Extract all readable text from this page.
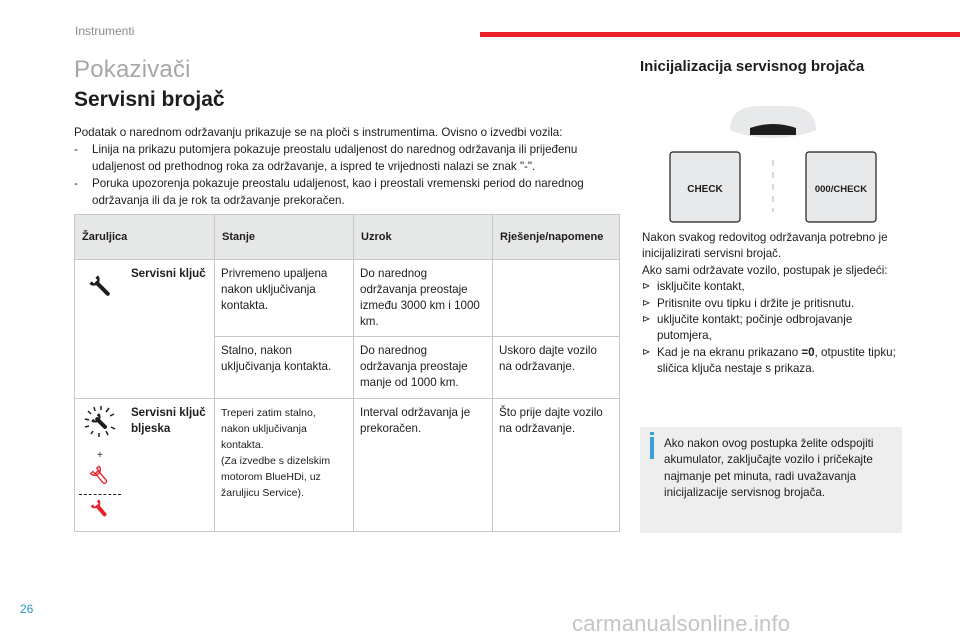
Instrumenti
Pokazivači
Servisni brojač

Podatak o narednom održavanju prikazuje se na ploči s instrumentima. Ovisno o izvedbi vozila:

- Linija na prikazu putomjera pokazuje preostalu udaljenost do narednog održavanja ili prijeđenu udaljenost od prethodnog roka za održavanje, a ispred te vrijednosti nalazi se znak "-".

- Poruka upozorenja pokazuje preostalu udaljenost, kao i preostali vremenski period do narednog održavanja ili da je rok ta održavanje prekoračen.

Žaruljica		Stanje	Uzrok	Rješenje/napomene
	Servisni ključ	Privremeno upaljena nakon uključivanja kontakta.	Do narednog održavanja preostaje između 3000 km i 1000 km.	
		Stalno, nakon uključivanja kontakta.	Do narednog održavanja preostaje manje od 1000 km.	Uskoro dajte vozilo na održavanje.

+	Servisni ključ bljeska	Treperi zatim stalno, nakon uključivanja kontakta.
(Za izvedbe s dizelskim motorom BlueHDi, uz žaruljicu Service).	Interval održavanja je prekoračen.	Što prije dajte vozilo na održavanje.
Inicijalizacija servisnog brojača
CHECK	000/CHECK

Nakon svakog redovitog održavanja potrebno je inicijalizirati servisni brojač.

Ako sami održavate vozilo, postupak je sljedeći:

⊳ isključite kontakt,

⊳ Pritisnite ovu tipku i držite je pritisnutu.

⊳ uključite kontakt; počinje odbrojavanje putomjera,

⊳ Kad je na ekranu prikazano =0, otpustite tipku; sličica ključa nestaje s prikaza.

Ako nakon ovog postupka želite odspojiti akumulator, zaključajte vozilo i pričekajte najmanje pet minuta, radi uvažavanja inicijalizacije servisnog brojača.
26
carmanualsonline.info
